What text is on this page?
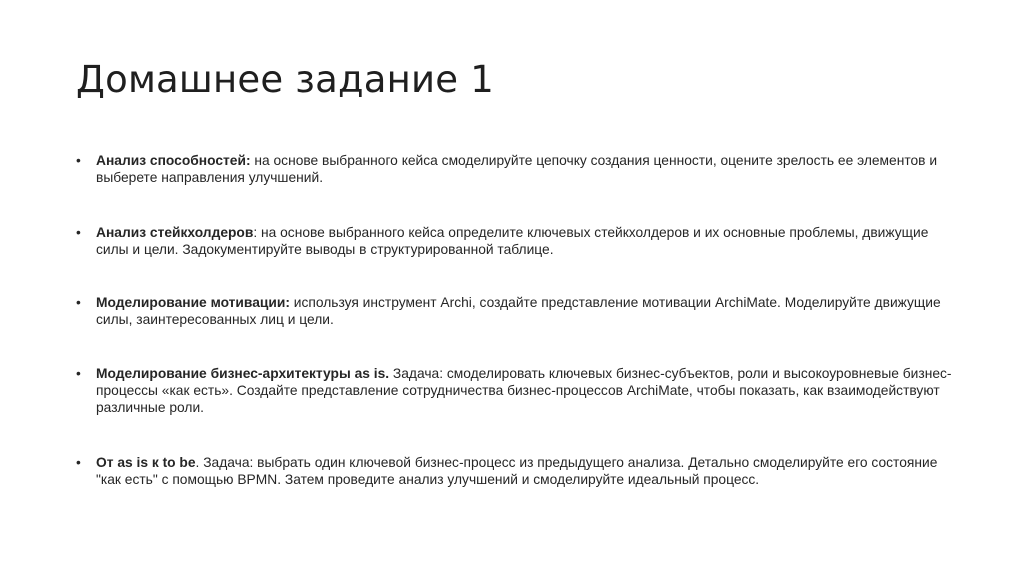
Домашнее задание 1
•	Анализ способностей: на основе выбранного кейса смоделируйте цепочку создания ценности, оцените зрелость ее элементов и выберете направления улучшений.
•	Анализ стейкхолдеров: на основе выбранного кейса определите ключевых стейкхолдеров и их основные проблемы, движущие силы и цели. Задокументируйте выводы в структурированной таблице.
•	Моделирование мотивации: используя инструмент Archi, создайте представление мотивации ArchiMate. Моделируйте движущие силы, заинтересованных лиц и цели.
•	Моделирование бизнес-архитектуры as is. Задача: смоделировать ключевых бизнес-субъектов, роли и высокоуровневые бизнес-процессы «как есть». Создайте представление сотрудничества бизнес-процессов ArchiMate, чтобы показать, как взаимодействуют различные роли.
•	От as is к to be. Задача: выбрать один ключевой бизнес-процесс из предыдущего анализа. Детально смоделируйте его состояние "как есть" с помощью BPMN. Затем проведите анализ улучшений и смоделируйте идеальный процесс.
